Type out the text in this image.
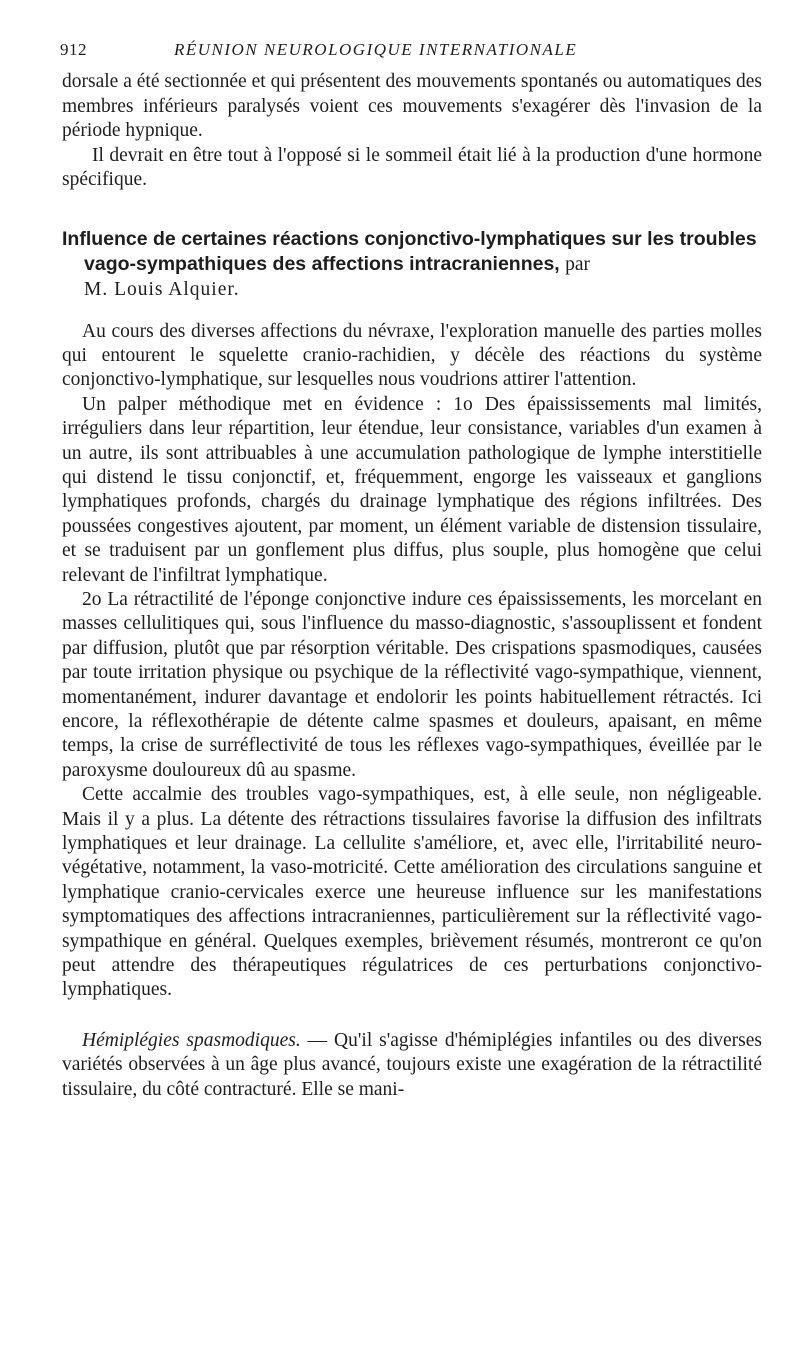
912	RÉUNION NEUROLOGIQUE INTERNATIONALE

dorsale a été sectionnée et qui présentent des mouvements spontanés ou automatiques des membres inférieurs paralysés voient ces mouvements s'exagérer dès l'invasion de la période hypnique.

Il devrait en être tout à l'opposé si le sommeil était lié à la production d'une hormone spécifique.

Influence de certaines réactions conjonctivo-lymphatiques sur les troubles vago-sympathiques des affections intracraniennes, par
M. Louis Alquier.

Au cours des diverses affections du névraxe, l'exploration manuelle des parties molles qui entourent le squelette cranio-rachidien, y décèle des réactions du système conjonctivo-lymphatique, sur lesquelles nous voudrions attirer l'attention.

Un palper méthodique met en évidence : 1o Des épaississements mal limités, irréguliers dans leur répartition, leur étendue, leur consistance, variables d'un examen à un autre, ils sont attribuables à une accumulation pathologique de lymphe interstitielle qui distend le tissu conjonctif, et, fréquemment, engorge les vaisseaux et ganglions lymphatiques profonds, chargés du drainage lymphatique des régions infiltrées. Des poussées congestives ajoutent, par moment, un élément variable de distension tissulaire, et se traduisent par un gonflement plus diffus, plus souple, plus homogène que celui relevant de l'infiltrat lymphatique.

2o La rétractilité de l'éponge conjonctive indure ces épaississements, les morcelant en masses cellulitiques qui, sous l'influence du masso-diagnostic, s'assouplissent et fondent par diffusion, plutôt que par résorption véritable. Des crispations spasmodiques, causées par toute irritation physique ou psychique de la réflectivité vago-sympathique, viennent, momentanément, indurer davantage et endolorir les points habituellement rétractés. Ici encore, la réflexothérapie de détente calme spasmes et douleurs, apaisant, en même temps, la crise de surréflectivité de tous les réflexes vago-sympathiques, éveillée par le paroxysme douloureux dû au spasme.

Cette accalmie des troubles vago-sympathiques, est, à elle seule, non négligeable. Mais il y a plus. La détente des rétractions tissulaires favorise la diffusion des infiltrats lymphatiques et leur drainage. La cellulite s'améliore, et, avec elle, l'irritabilité neuro-végétative, notamment, la vaso-motricité. Cette amélioration des circulations sanguine et lymphatique cranio-cervicales exerce une heureuse influence sur les manifestations symptomatiques des affections intracraniennes, particulièrement sur la réflectivité vago-sympathique en général. Quelques exemples, brièvement résumés, montreront ce qu'on peut attendre des thérapeutiques régulatrices de ces perturbations conjonctivo-lymphatiques.

Hémiplégies spasmodiques. — Qu'il s'agisse d'hémiplégies infantiles ou des diverses variétés observées à un âge plus avancé, toujours existe une exagération de la rétractilité tissulaire, du côté contracturé. Elle se mani-
